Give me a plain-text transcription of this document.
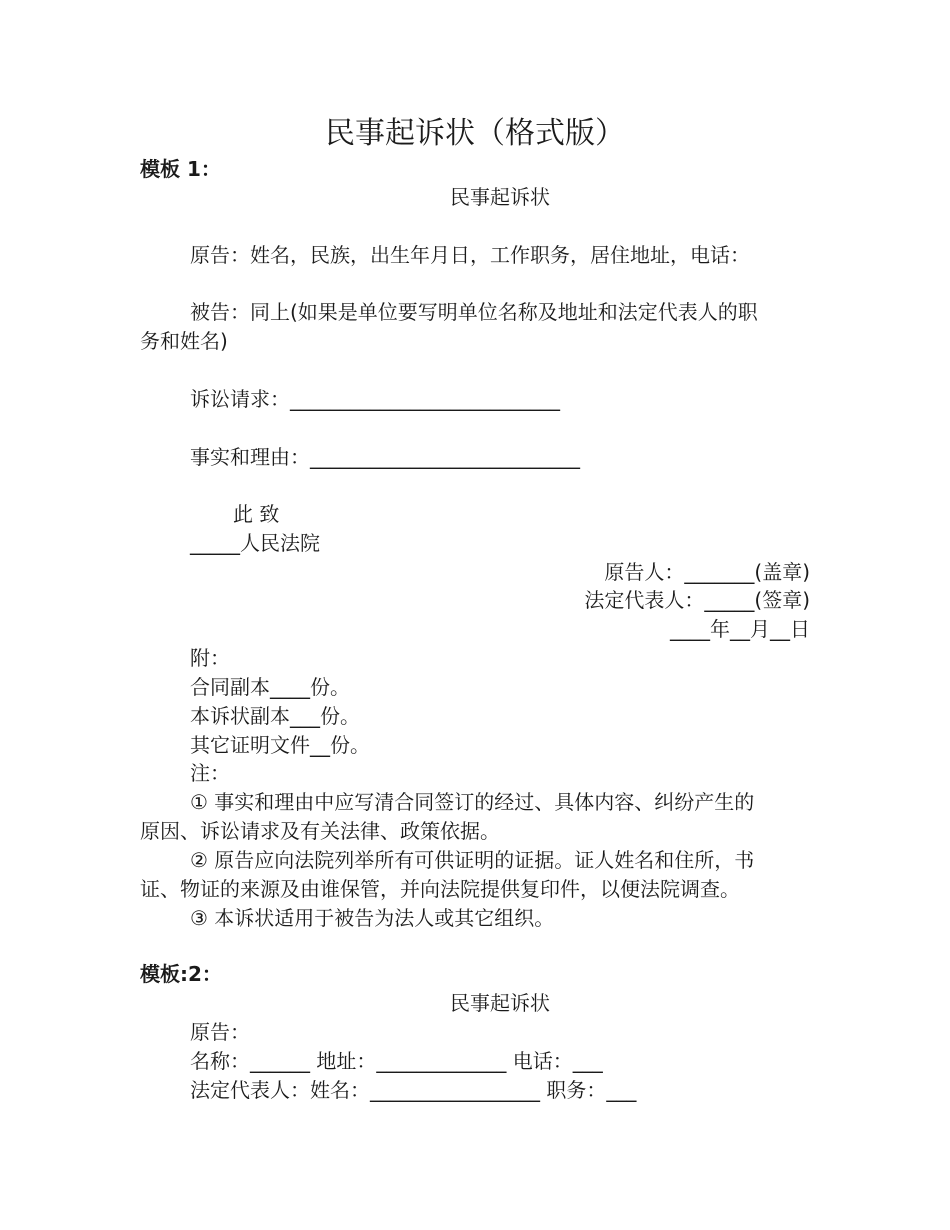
民事起诉状（格式版）
模板 1：
民事起诉状
原告：姓名，民族，出生年月日，工作职务，居住地址，电话：
被告：同上(如果是单位要写明单位名称及地址和法定代表人的职
务和姓名)
诉讼请求：___________________________
事实和理由：___________________________
此 致
_____人民法院
原告人：_______(盖章)
法定代表人：_____(签章)
____年__月__日
附：
合同副本____份。
本诉状副本___份。
其它证明文件__份。
注：
① 事实和理由中应写清合同签订的经过、具体内容、纠纷产生的
原因、诉讼请求及有关法律、政策依据。
② 原告应向法院列举所有可供证明的证据。证人姓名和住所，书
证、物证的来源及由谁保管，并向法院提供复印件，以便法院调查。
③ 本诉状适用于被告为法人或其它组织。
模板:2：
民事起诉状
原告：
名称：______ 地址：_____________ 电话：___
法定代表人：姓名：_________________ 职务：___
